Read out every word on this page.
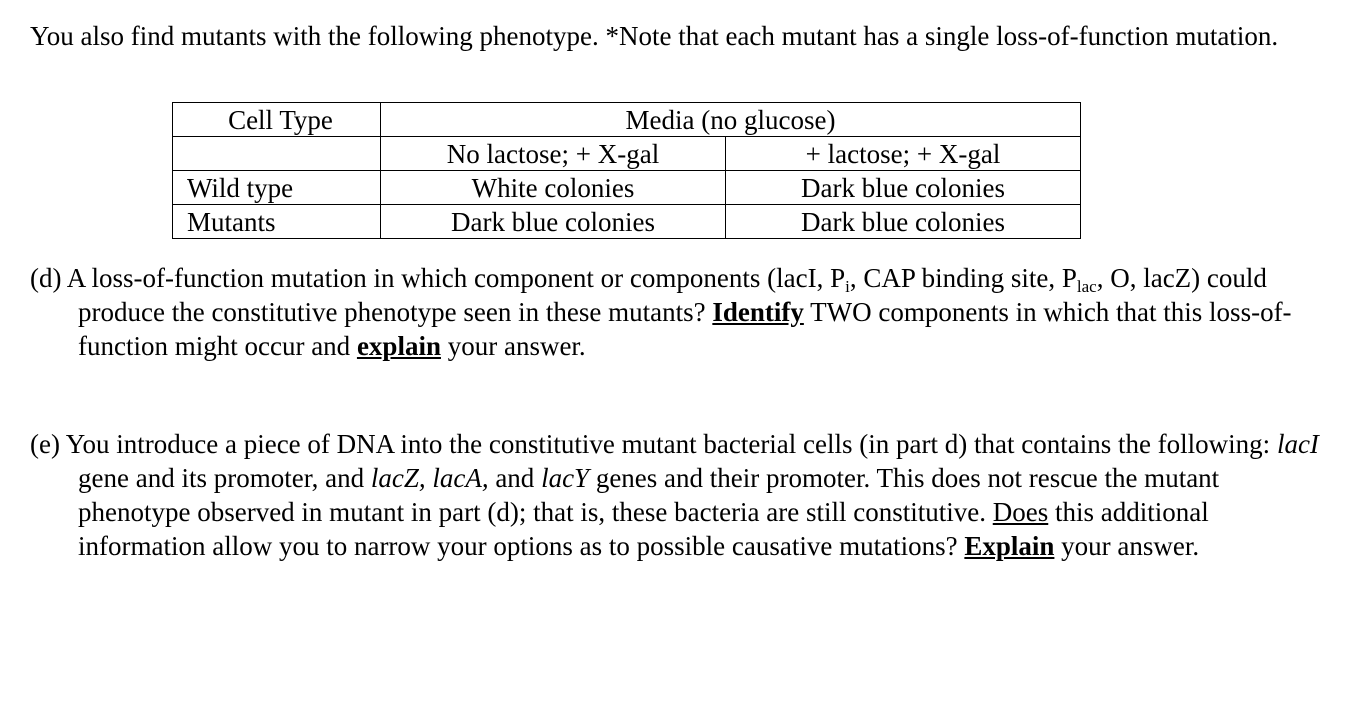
You also find mutants with the following phenotype. *Note that each mutant has a single loss-of-function mutation.

Cell Type	Media (no glucose)	
	No lactose; + X-gal	+ lactose; + X-gal
Wild type	White colonies	Dark blue colonies
Mutants	Dark blue colonies	Dark blue colonies

(d) A loss-of-function mutation in which component or components (lacI, $P_i$, CAP binding site, $P_{lac}$, O, lacZ) could produce the constitutive phenotype seen in these mutants? Identify TWO components in which that this loss-of-function might occur and explain your answer.

(e) You introduce a piece of DNA into the constitutive mutant bacterial cells (in part d) that contains the following: lacI gene and its promoter, and lacZ, lacA, and lacY genes and their promoter. This does not rescue the mutant phenotype observed in mutant in part (d); that is, these bacteria are still constitutive. Does this additional information allow you to narrow your options as to possible causative mutations? Explain your answer.
